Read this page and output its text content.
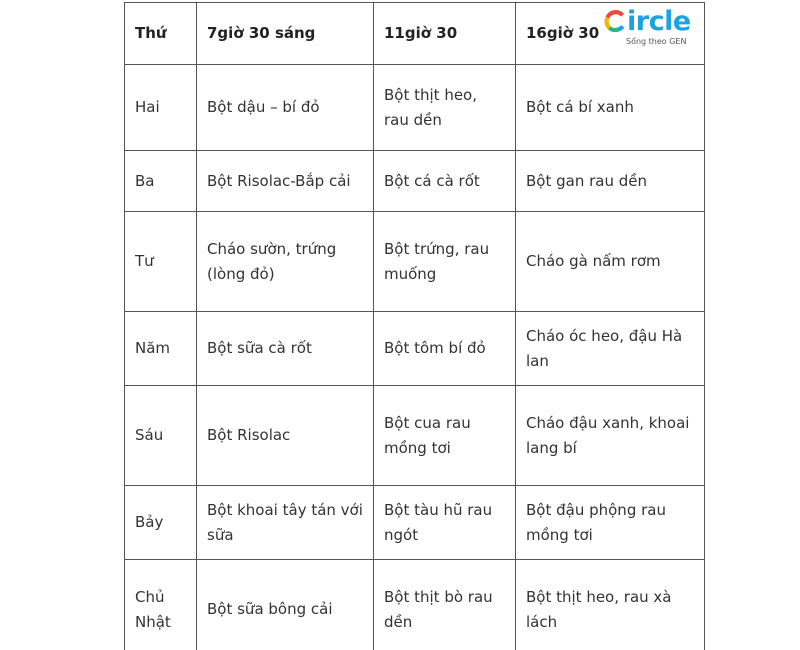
Thứ	7giờ 30 sáng	11giờ 30	16giờ 30
Hai	Bột dậu – bí đỏ	Bột thịt heo, rau dền	Bột cá bí xanh
Ba	Bột Risolac-Bắp cải	Bột cá cà rốt	Bột gan rau dền
Tư	Cháo sườn, trứng (lòng đỏ)	Bột trứng, rau muống	Cháo gà nấm rơm
Năm	Bột sữa cà rốt	Bột tôm bí đỏ	Cháo óc heo, đậu Hà lan
Sáu	Bột Risolac	Bột cua rau mồng tơi	Cháo đậu xanh, khoai lang bí
Bảy	Bột khoai tây tán với sữa	Bột tàu hũ rau ngót	Bột đậu phộng rau mồng tơi
Chủ Nhật	Bột sữa bông cải	Bột thịt bò rau dền	Bột thịt heo, rau xà lách
ircle
Sống theo GEN
